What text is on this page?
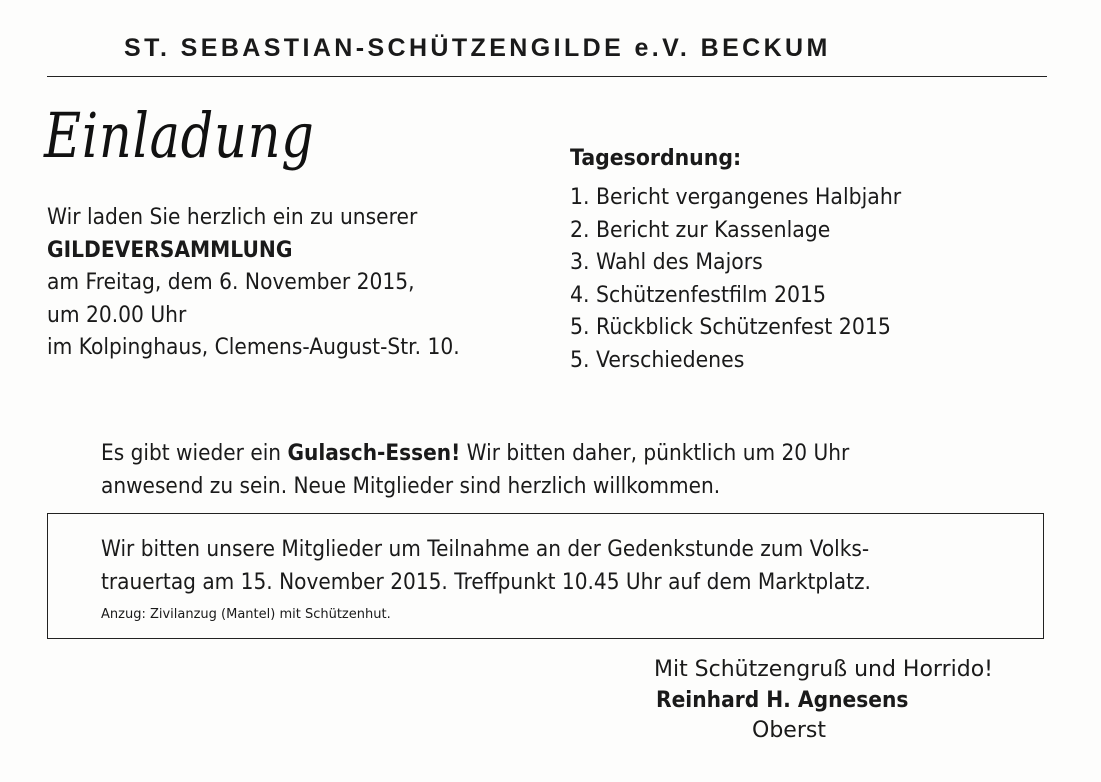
ST. SEBASTIAN-SCHÜTZENGILDE e.V. BECKUM
Einladung
Wir laden Sie herzlich ein zu unserer
GILDEVERSAMMLUNG
am Freitag, dem 6. November 2015,
um 20.00 Uhr
im Kolpinghaus, Clemens-August-Str. 10.
Tagesordnung:
1. Bericht vergangenes Halbjahr
2. Bericht zur Kassenlage
3. Wahl des Majors
4. Schützenfestfilm 2015
5. Rückblick Schützenfest 2015
5. Verschiedenes
Es gibt wieder ein Gulasch-Essen! Wir bitten daher, pünktlich um 20 Uhr
anwesend zu sein. Neue Mitglieder sind herzlich willkommen.
Wir bitten unsere Mitglieder um Teilnahme an der Gedenkstunde zum Volks-
trauertag am 15. November 2015. Treffpunkt 10.45 Uhr auf dem Marktplatz.
Anzug: Zivilanzug (Mantel) mit Schützenhut.
Mit Schützengruß und Horrido!
Reinhard H. Agnesens
Oberst
